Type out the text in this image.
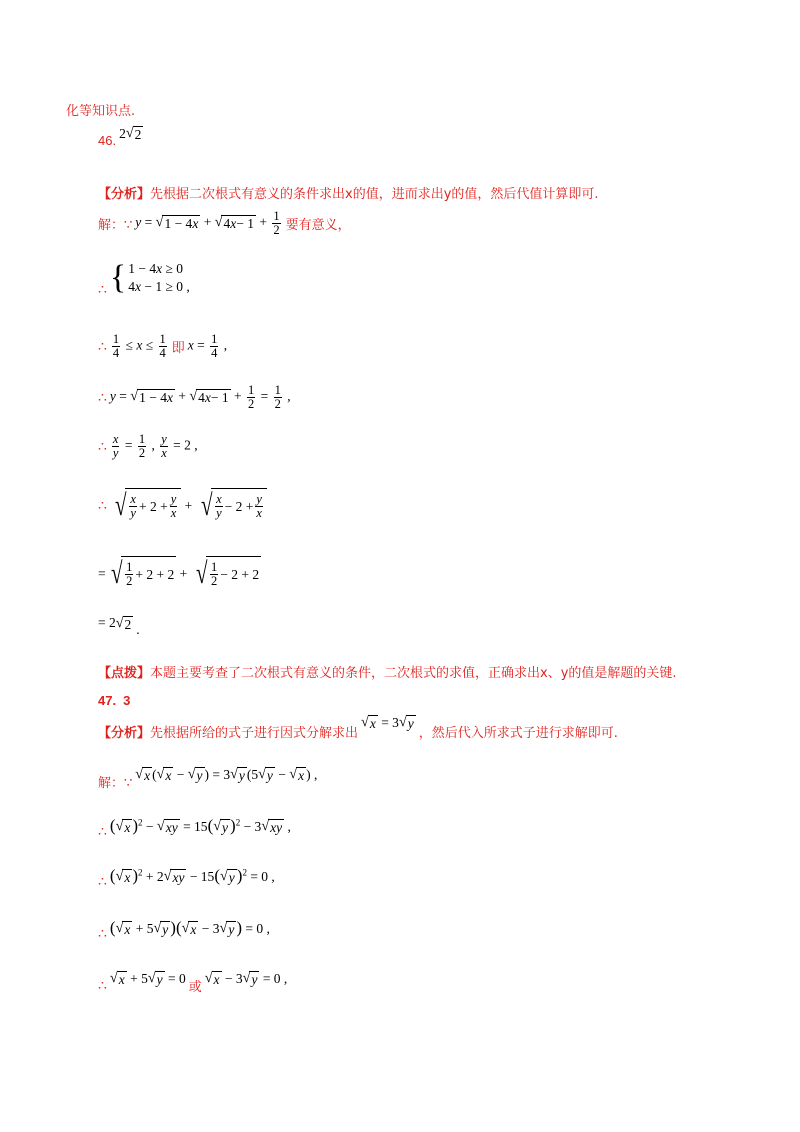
化等知识点.
46. 2 √ 2
【分析】先根据二次根式有意义的条件求出x的值，进而求出y的值，然后代值计算即可.
解：∵ y = √ 1 − 4 x + √ 4 $x - 1 + \frac{1}{2}$ 要有意义，
∴ { 1 − 4x ≥ 0
4x − 1 ≥ 0 ,
∴ $\frac{1}{4} \le x \le \frac{1}{4}$ 即 $x = \frac{1}{4}$ ,
∴ y = √ 1 − 4 x + √ 4 $x - 1 + \frac{1}{2} = \frac{1}{2}$ ,
∴ $\frac{x}{y} = \frac{1}{2}$ , $\frac{y}{x} = 2$ ,
∴ √ $\frac{x}{y} + 2 + \frac{y}{x}$ + √ $\frac{x}{y} - 2 + \frac{y}{x}$
= √ $\frac{1}{2} + 2 + 2$ + √ $\frac{1}{2} - 2 + 2$
= 2 √ 2 .
【点拨】本题主要考查了二次根式有意义的条件，二次根式的求值，正确求出x、y的值是解题的关键.
47. 3
【分析】先根据所给的式子进行因式分解求出
√ x = 3 √ y
，然后代入所求式子进行求解即可.
解：∵
√ x ( √ x − √ y ) = 3 √ y (5 √ y − √ x ) ,
∴ ( √ x )$^2$ − √ xy = 15( √ y )$^2$ − 3 √ xy ,
∴ ( √ x )$^2$ + 2 √ xy − 15( √ y )$^2$ = 0 ,
∴ ( √ x + 5 √ y )( √ x − 3 √ y ) = 0 ,
∴ √ x + 5 √ y = 0
或
√ x − 3 √ y = 0 ,
